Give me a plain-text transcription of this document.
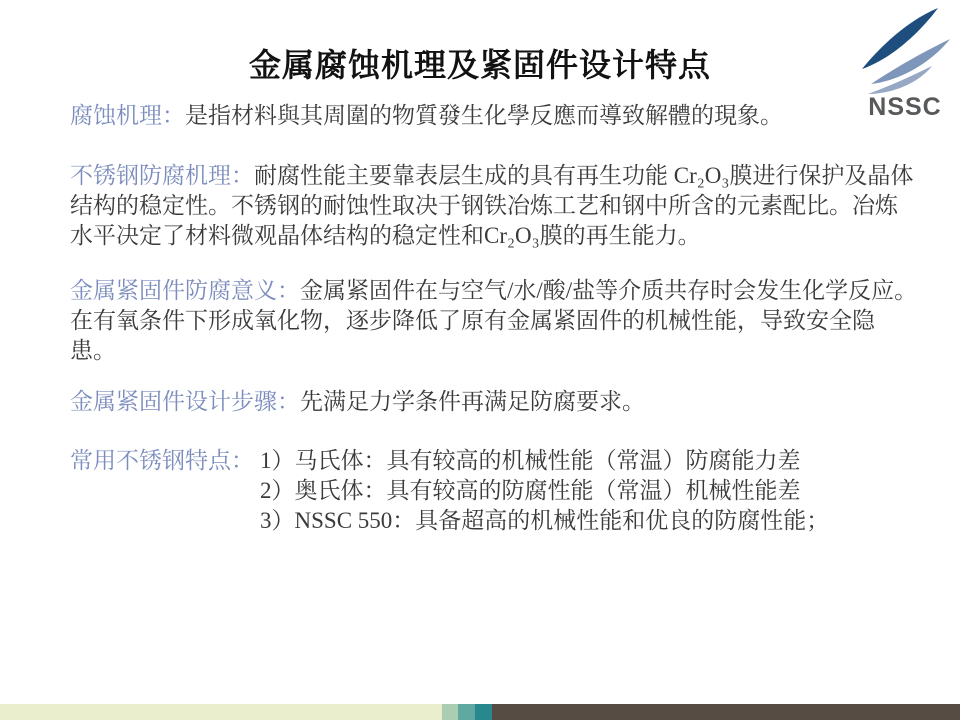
金属腐蚀机理及紧固件设计特点
NSSC

腐蚀机理：是指材料與其周圍的物質發生化學反應而導致解體的現象。

不锈钢防腐机理：耐腐性能主要靠表层生成的具有再生功能 Cr₂O₃膜进行保护及晶体结构的稳定性。不锈钢的耐蚀性取决于钢铁冶炼工艺和钢中所含的元素配比。冶炼水平决定了材料微观晶体结构的稳定性和Cr₂O₃膜的再生能力。

金属紧固件防腐意义：金属紧固件在与空气/水/酸/盐等介质共存时会发生化学反应。在有氧条件下形成氧化物，逐步降低了原有金属紧固件的机械性能，导致安全隐患。

金属紧固件设计步骤：先满足力学条件再满足防腐要求。

常用不锈钢特点： 1）马氏体：具有较高的机械性能（常温）防腐能力差
2）奥氏体：具有较高的防腐性能（常温）机械性能差
3）NSSC 550：具备超高的机械性能和优良的防腐性能；
